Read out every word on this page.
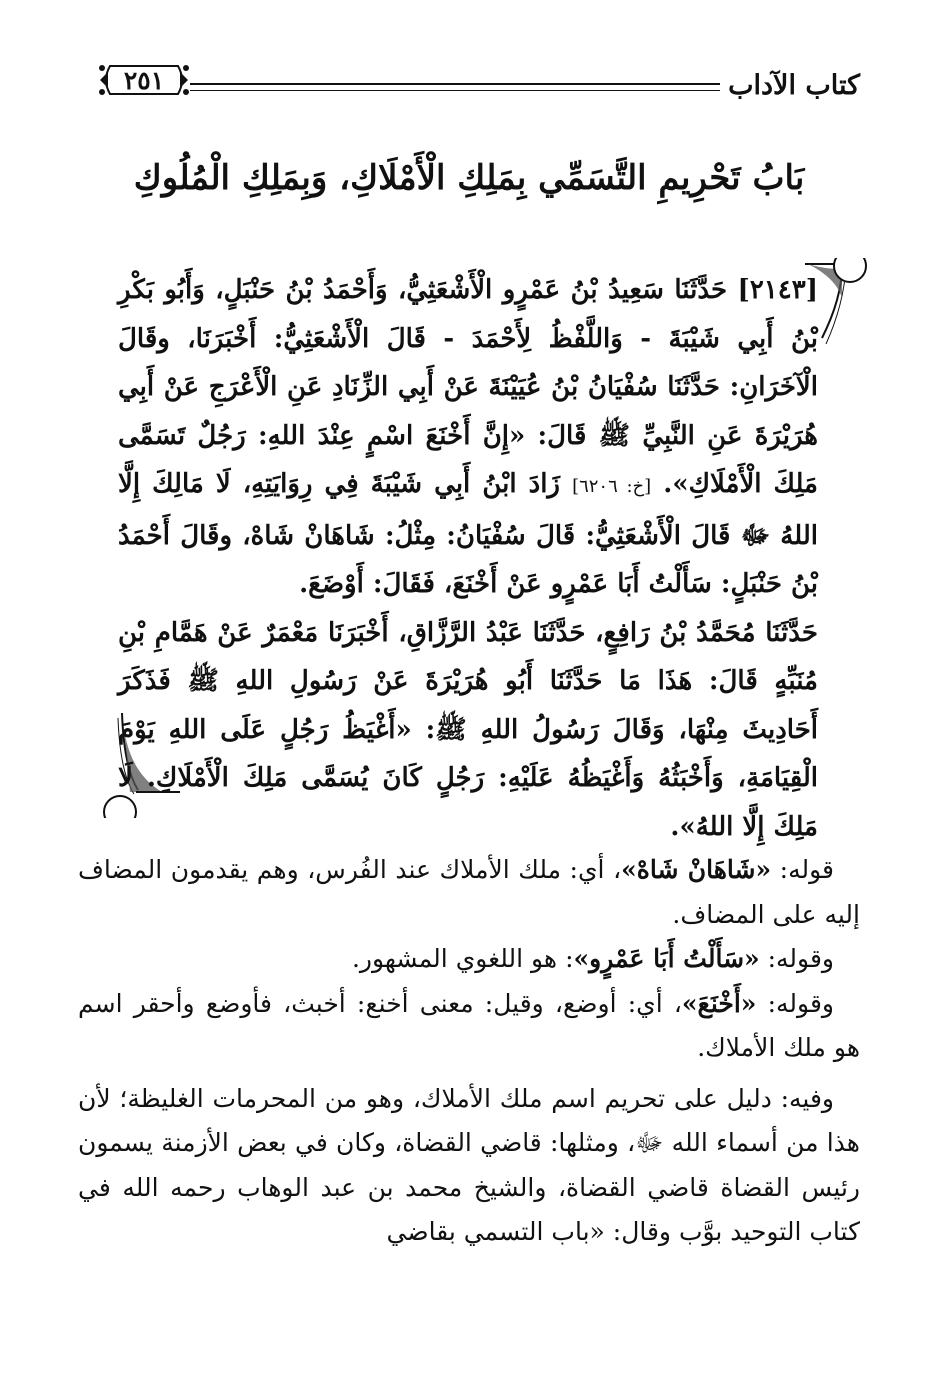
كتاب الآداب
٢٥١
بَابُ تَحْرِيمِ التَّسَمِّي بِمَلِكِ الْأَمْلَاكِ، وَبِمَلِكِ الْمُلُوكِ

[٢١٤٣] حَدَّثَنَا سَعِيدُ بْنُ عَمْرٍو الْأَشْعَثِيُّ، وَأَحْمَدُ بْنُ حَنْبَلٍ، وَأَبُو بَكْرِ بْنُ أَبِي شَيْبَةَ - وَاللَّفْظُ لِأَحْمَدَ - قَالَ الْأَشْعَثِيُّ: أَخْبَرَنَا، وقَالَ الْآخَرَانِ: حَدَّثَنَا سُفْيَانُ بْنُ عُيَيْنَةَ عَنْ أَبِي الزِّنَادِ عَنِ الْأَعْرَجِ عَنْ أَبِي هُرَيْرَةَ عَنِ النَّبِيِّ ﷺ قَالَ: «إِنَّ أَخْنَعَ اسْمٍ عِنْدَ اللهِ: رَجُلٌ تَسَمَّى مَلِكَ الْأَمْلَاكِ». [خ: ٦٢٠٦] زَادَ ابْنُ أَبِي شَيْبَةَ فِي رِوَايَتِهِ، لَا مَالِكَ إِلَّا اللهُ ﷻ قَالَ الْأَشْعَثِيُّ: قَالَ سُفْيَانُ: مِثْلُ: شَاهَانْ شَاهْ، وقَالَ أَحْمَدُ بْنُ حَنْبَلٍ: سَأَلْتُ أَبَا عَمْرٍو عَنْ أَخْنَعَ، فَقَالَ: أَوْضَعَ.

حَدَّثَنَا مُحَمَّدُ بْنُ رَافِعٍ، حَدَّثَنَا عَبْدُ الرَّزَّاقِ، أَخْبَرَنَا مَعْمَرٌ عَنْ هَمَّامِ بْنِ مُنَبِّهٍ قَالَ: هَذَا مَا حَدَّثَنَا أَبُو هُرَيْرَةَ عَنْ رَسُولِ اللهِ ﷺ فَذَكَرَ أَحَادِيثَ مِنْهَا، وَقَالَ رَسُولُ اللهِ ﷺ: «أَغْيَظُ رَجُلٍ عَلَى اللهِ يَوْمَ الْقِيَامَةِ، وَأَخْبَثُهُ وَأَغْيَظُهُ عَلَيْهِ: رَجُلٍ كَانَ يُسَمَّى مَلِكَ الْأَمْلَاكِ. لَا مَلِكَ إِلَّا اللهُ».

قوله: «شَاهَانْ شَاهْ»، أي: ملك الأملاك عند الفُرس، وهم يقدمون المضاف إليه على المضاف.

وقوله: «سَأَلْتُ أَبَا عَمْرٍو»: هو اللغوي المشهور.

وقوله: «أَخْنَعَ»، أي: أوضع، وقيل: معنى أخنع: أخبث، فأوضع وأحقر اسم هو ملك الأملاك.

وفيه: دليل على تحريم اسم ملك الأملاك، وهو من المحرمات الغليظة؛ لأن هذا من أسماء الله ﷻ، ومثلها: قاضي القضاة، وكان في بعض الأزمنة يسمون رئيس القضاة قاضي القضاة، والشيخ محمد بن عبد الوهاب رحمه الله في كتاب التوحيد بوَّب وقال: «باب التسمي بقاضي
